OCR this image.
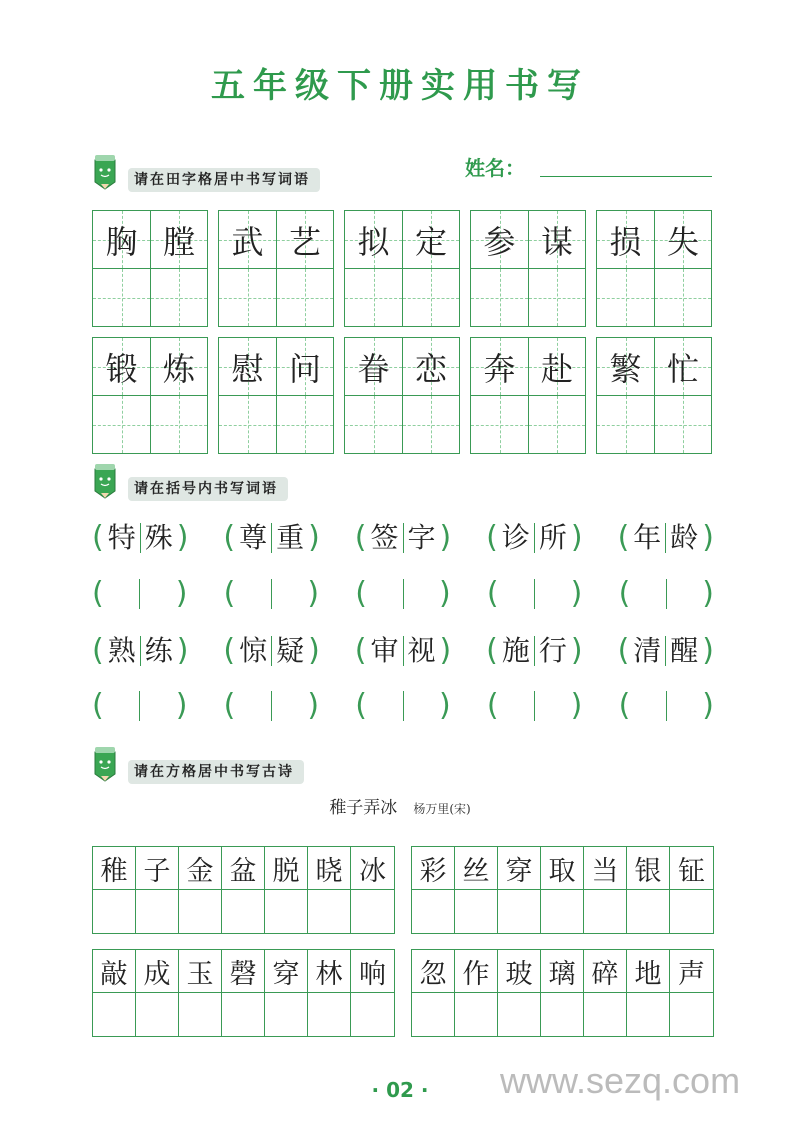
五年级下册实用书写
请在田字格居中书写词语	姓名：
胸 膛	武 艺	拟 定	参 谋	损 失
锻 炼	慰 问	眷 恋	奔 赴	繁 忙
请在括号内书写词语
( 特 殊 ) ( 尊 重 ) ( 签 字 ) ( 诊 所 ) ( 年 龄 )
( ) ( ) ( ) ( ) ( )
( 熟 练 ) ( 惊 疑 ) ( 审 视 ) ( 施 行 ) ( 清 醒 )
( ) ( ) ( ) ( ) ( )
请在方格居中书写古诗
稚子弄冰 杨万里(宋)
稚 子 金 盆 脱 晓 冰 彩 丝 穿 取 当 银 钲
敲 成 玉 磬 穿 林 响 忽 作 玻 璃 碎 地 声
· 02 ·	www.sezq.com
